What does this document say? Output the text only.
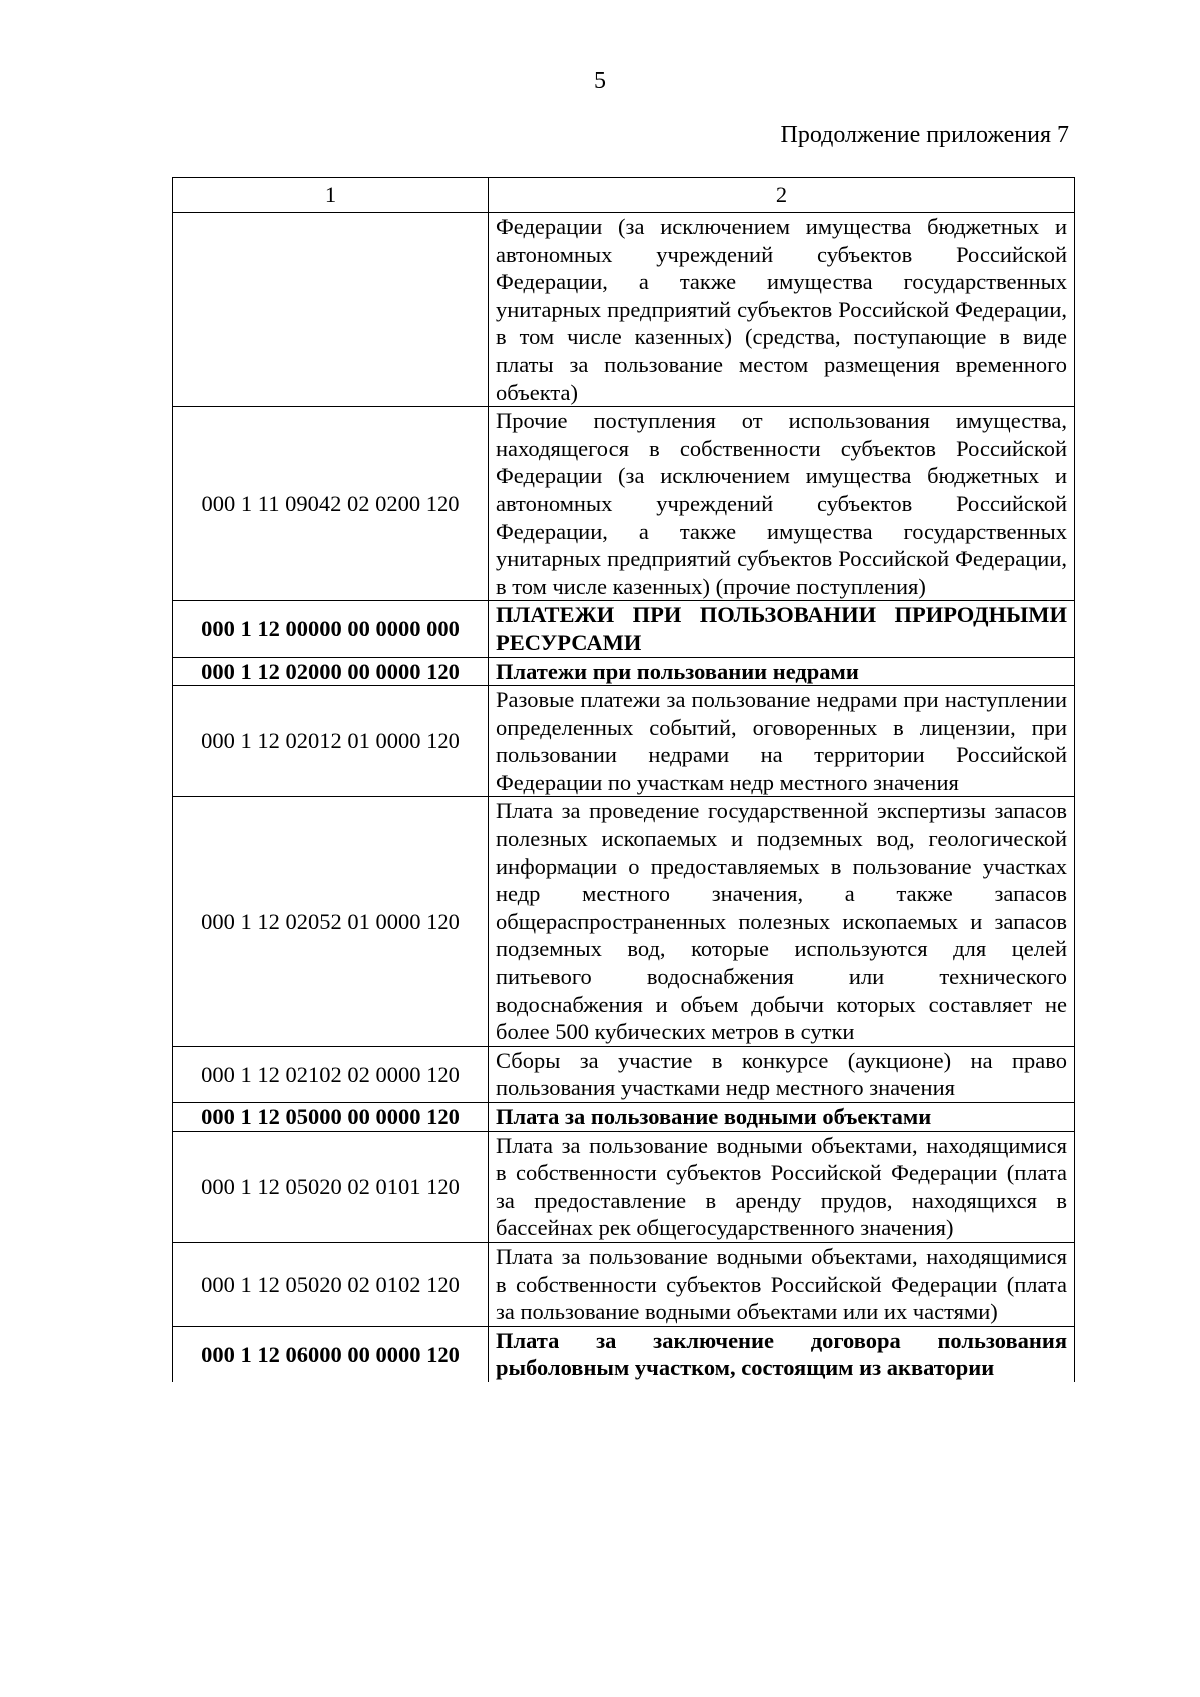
5
Продолжение приложения 7
1	2
	Федерации (за исключением имущества бюджетных и автономных учреждений субъектов Российской Федерации, а также имущества государственных унитарных предприятий субъектов Российской Федерации, в том числе казенных) (средства, поступающие в виде платы за пользование местом размещения временного объекта)
000 1 11 09042 02 0200 120	Прочие поступления от использования имущества, находящегося в собственности субъектов Российской Федерации (за исключением имущества бюджетных и автономных учреждений субъектов Российской Федерации, а также имущества государственных унитарных предприятий субъектов Российской Федерации, в том числе казенных) (прочие поступления)
000 1 12 00000 00 0000 000	ПЛАТЕЖИ ПРИ ПОЛЬЗОВАНИИ ПРИРОДНЫМИ РЕСУРСАМИ
000 1 12 02000 00 0000 120	Платежи при пользовании недрами
000 1 12 02012 01 0000 120	Разовые платежи за пользование недрами при наступлении определенных событий, оговоренных в лицензии, при пользовании недрами на территории Российской Федерации по участкам недр местного значения
000 1 12 02052 01 0000 120	Плата за проведение государственной экспертизы запасов полезных ископаемых и подземных вод, геологической информации о предоставляемых в пользование участках недр местного значения, а также запасов общераспространенных полезных ископаемых и запасов подземных вод, которые используются для целей питьевого водоснабжения или технического водоснабжения и объем добычи которых составляет не более 500 кубических метров в сутки
000 1 12 02102 02 0000 120	Сборы за участие в конкурсе (аукционе) на право пользования участками недр местного значения
000 1 12 05000 00 0000 120	Плата за пользование водными объектами
000 1 12 05020 02 0101 120	Плата за пользование водными объектами, находящимися в собственности субъектов Российской Федерации (плата за предоставление в аренду прудов, находящихся в бассейнах рек общегосударственного значения)
000 1 12 05020 02 0102 120	Плата за пользование водными объектами, находящимися в собственности субъектов Российской Федерации (плата за пользование водными объектами или их частями)
000 1 12 06000 00 0000 120	Плата за заключение договора пользования рыболовным участком, состоящим из акватории
